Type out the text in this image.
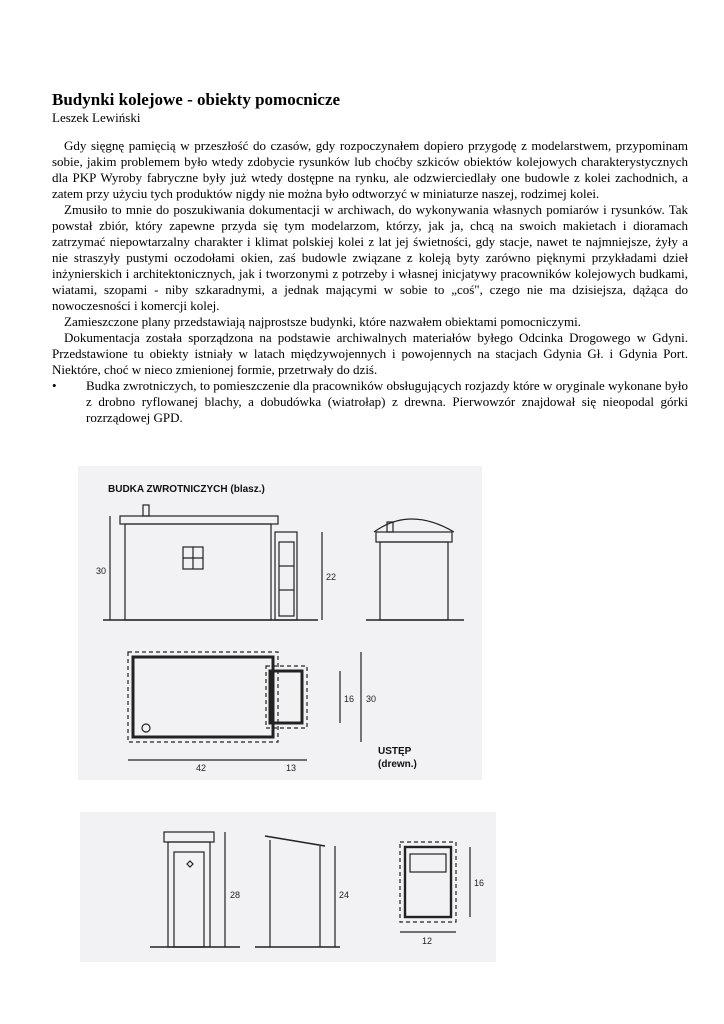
Budynki kolejowe - obiekty pomocnicze
Leszek Lewiński

Gdy sięgnę pamięcią w przeszłość do czasów, gdy rozpoczynałem dopiero przygodę z modelarstwem, przypominam sobie, jakim problemem było wtedy zdobycie rysunków lub choćby szkiców obiektów kolejowych charakterystycznych dla PKP Wyroby fabryczne były już wtedy dostępne na rynku, ale odzwierciedlały one budowle z kolei zachodnich, a zatem przy użyciu tych produktów nigdy nie można było odtworzyć w miniaturze naszej, rodzimej kolei.

Zmusiło to mnie do poszukiwania dokumentacji w archiwach, do wykonywania własnych pomiarów i rysunków. Tak powstał zbiór, który zapewne przyda się tym modelarzom, którzy, jak ja, chcą na swoich makietach i dioramach zatrzymać niepowtarzalny charakter i klimat polskiej kolei z lat jej świetności, gdy stacje, nawet te najmniejsze, żyły a nie straszyły pustymi oczodołami okien, zaś budowle związane z koleją byty zarówno pięknymi przykładami dzieł inżynierskich i architektonicznych, jak i tworzonymi z potrzeby i własnej inicjatywy pracowników kolejowych budkami, wiatami, szopami - niby szkaradnymi, a jednak mającymi w sobie to „coś", czego nie ma dzisiejsza, dążąca do nowoczesności i komercji kolej.

Zamieszczone plany przedstawiają najprostsze budynki, które nazwałem obiektami pomocniczymi.

Dokumentacja została sporządzona na podstawie archiwalnych materiałów byłego Odcinka Drogowego w Gdyni. Przedstawione tu obiekty istniały w latach międzywojennych i powojennych na stacjach Gdynia Gł. i Gdynia Port. Niektóre, choć w nieco zmienionej formie, przetrwały do dziś.

• Budka zwrotniczych, to pomieszczenie dla pracowników obsługujących rozjazdy które w oryginale wykonane było z drobno ryflowanej blachy, a dobudówka (wiatrołap) z drewna. Pierwowzór znajdował się nieopodal górki rozrządowej GPD.
BUDKA ZWROTNICZYCH (blasz.)
30
22
42	13
30
16
USTĘP
(drewn.)
28	24
16
12
